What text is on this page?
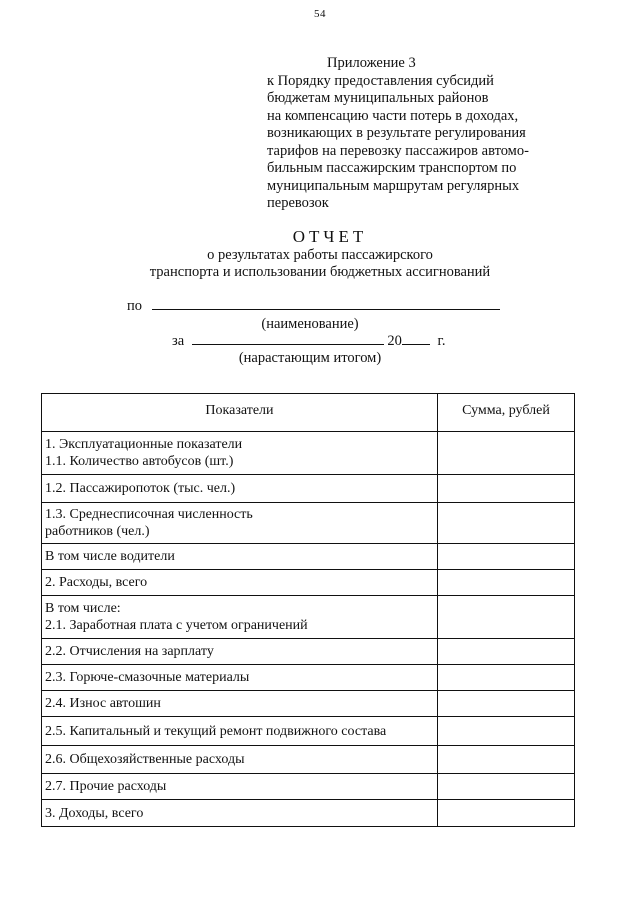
54
Приложение 3
к Порядку предоставления субсидий
бюджетам муниципальных районов
на компенсацию части потерь в доходах,
возникающих в результате регулирования
тарифов на перевозку пассажиров автомо-
бильным пассажирским транспортом по
муниципальным маршрутам регулярных
перевозок
ОТЧЕТ
о результатах работы пассажирского
транспорта и использовании бюджетных ассигнований
по
(наименование)
за	20 г.
(нарастающим итогом)
Показатели	Сумма, рублей

1. Эксплуатационные показатели
1.1. Количество автобусов (шт.)	

1.2. Пассажиропоток (тыс. чел.)	

1.3. Среднесписочная численность
работников (чел.)	

В том числе водители	
2. Расходы, всего	

В том числе:
2.1. Заработная плата с учетом ограничений	

2.2. Отчисления на зарплату	
2.3. Горюче-смазочные материалы	
2.4. Износ автошин	
2.5. Капитальный и текущий ремонт подвижного состава	
2.6. Общехозяйственные расходы	
2.7. Прочие расходы	
3. Доходы, всего	
